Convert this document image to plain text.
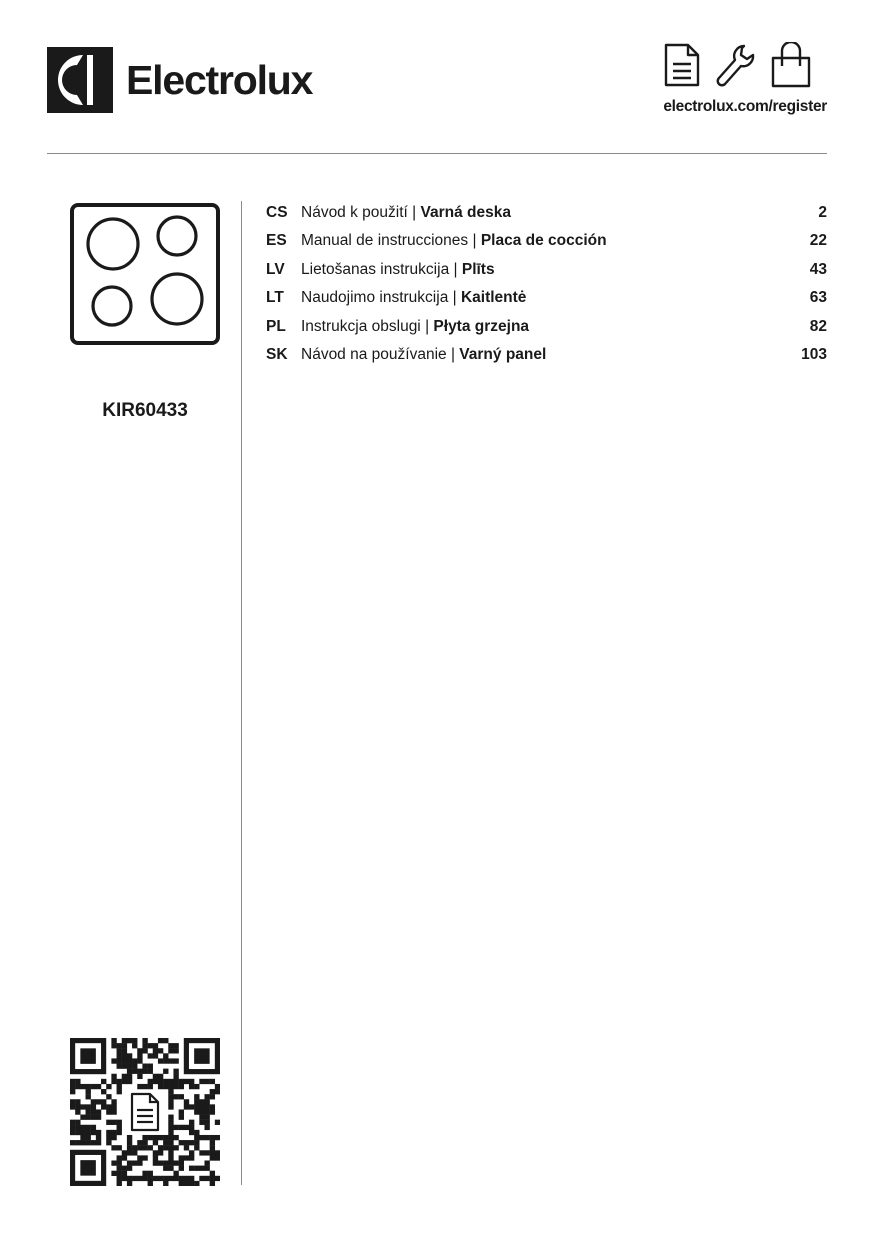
Electrolux
electrolux.com/register
KIR60433
CS Návod k použití | Varná deska	2
ES Manual de instrucciones | Placa de cocción	22
LV	Lietošanas instrukcija | Plīts	43
LT	Naudojimo instrukcija | Kaitlentė	63
PL Instrukcja obslugi | Płyta grzejna	82
SK Návod na používanie | Varný panel	103
